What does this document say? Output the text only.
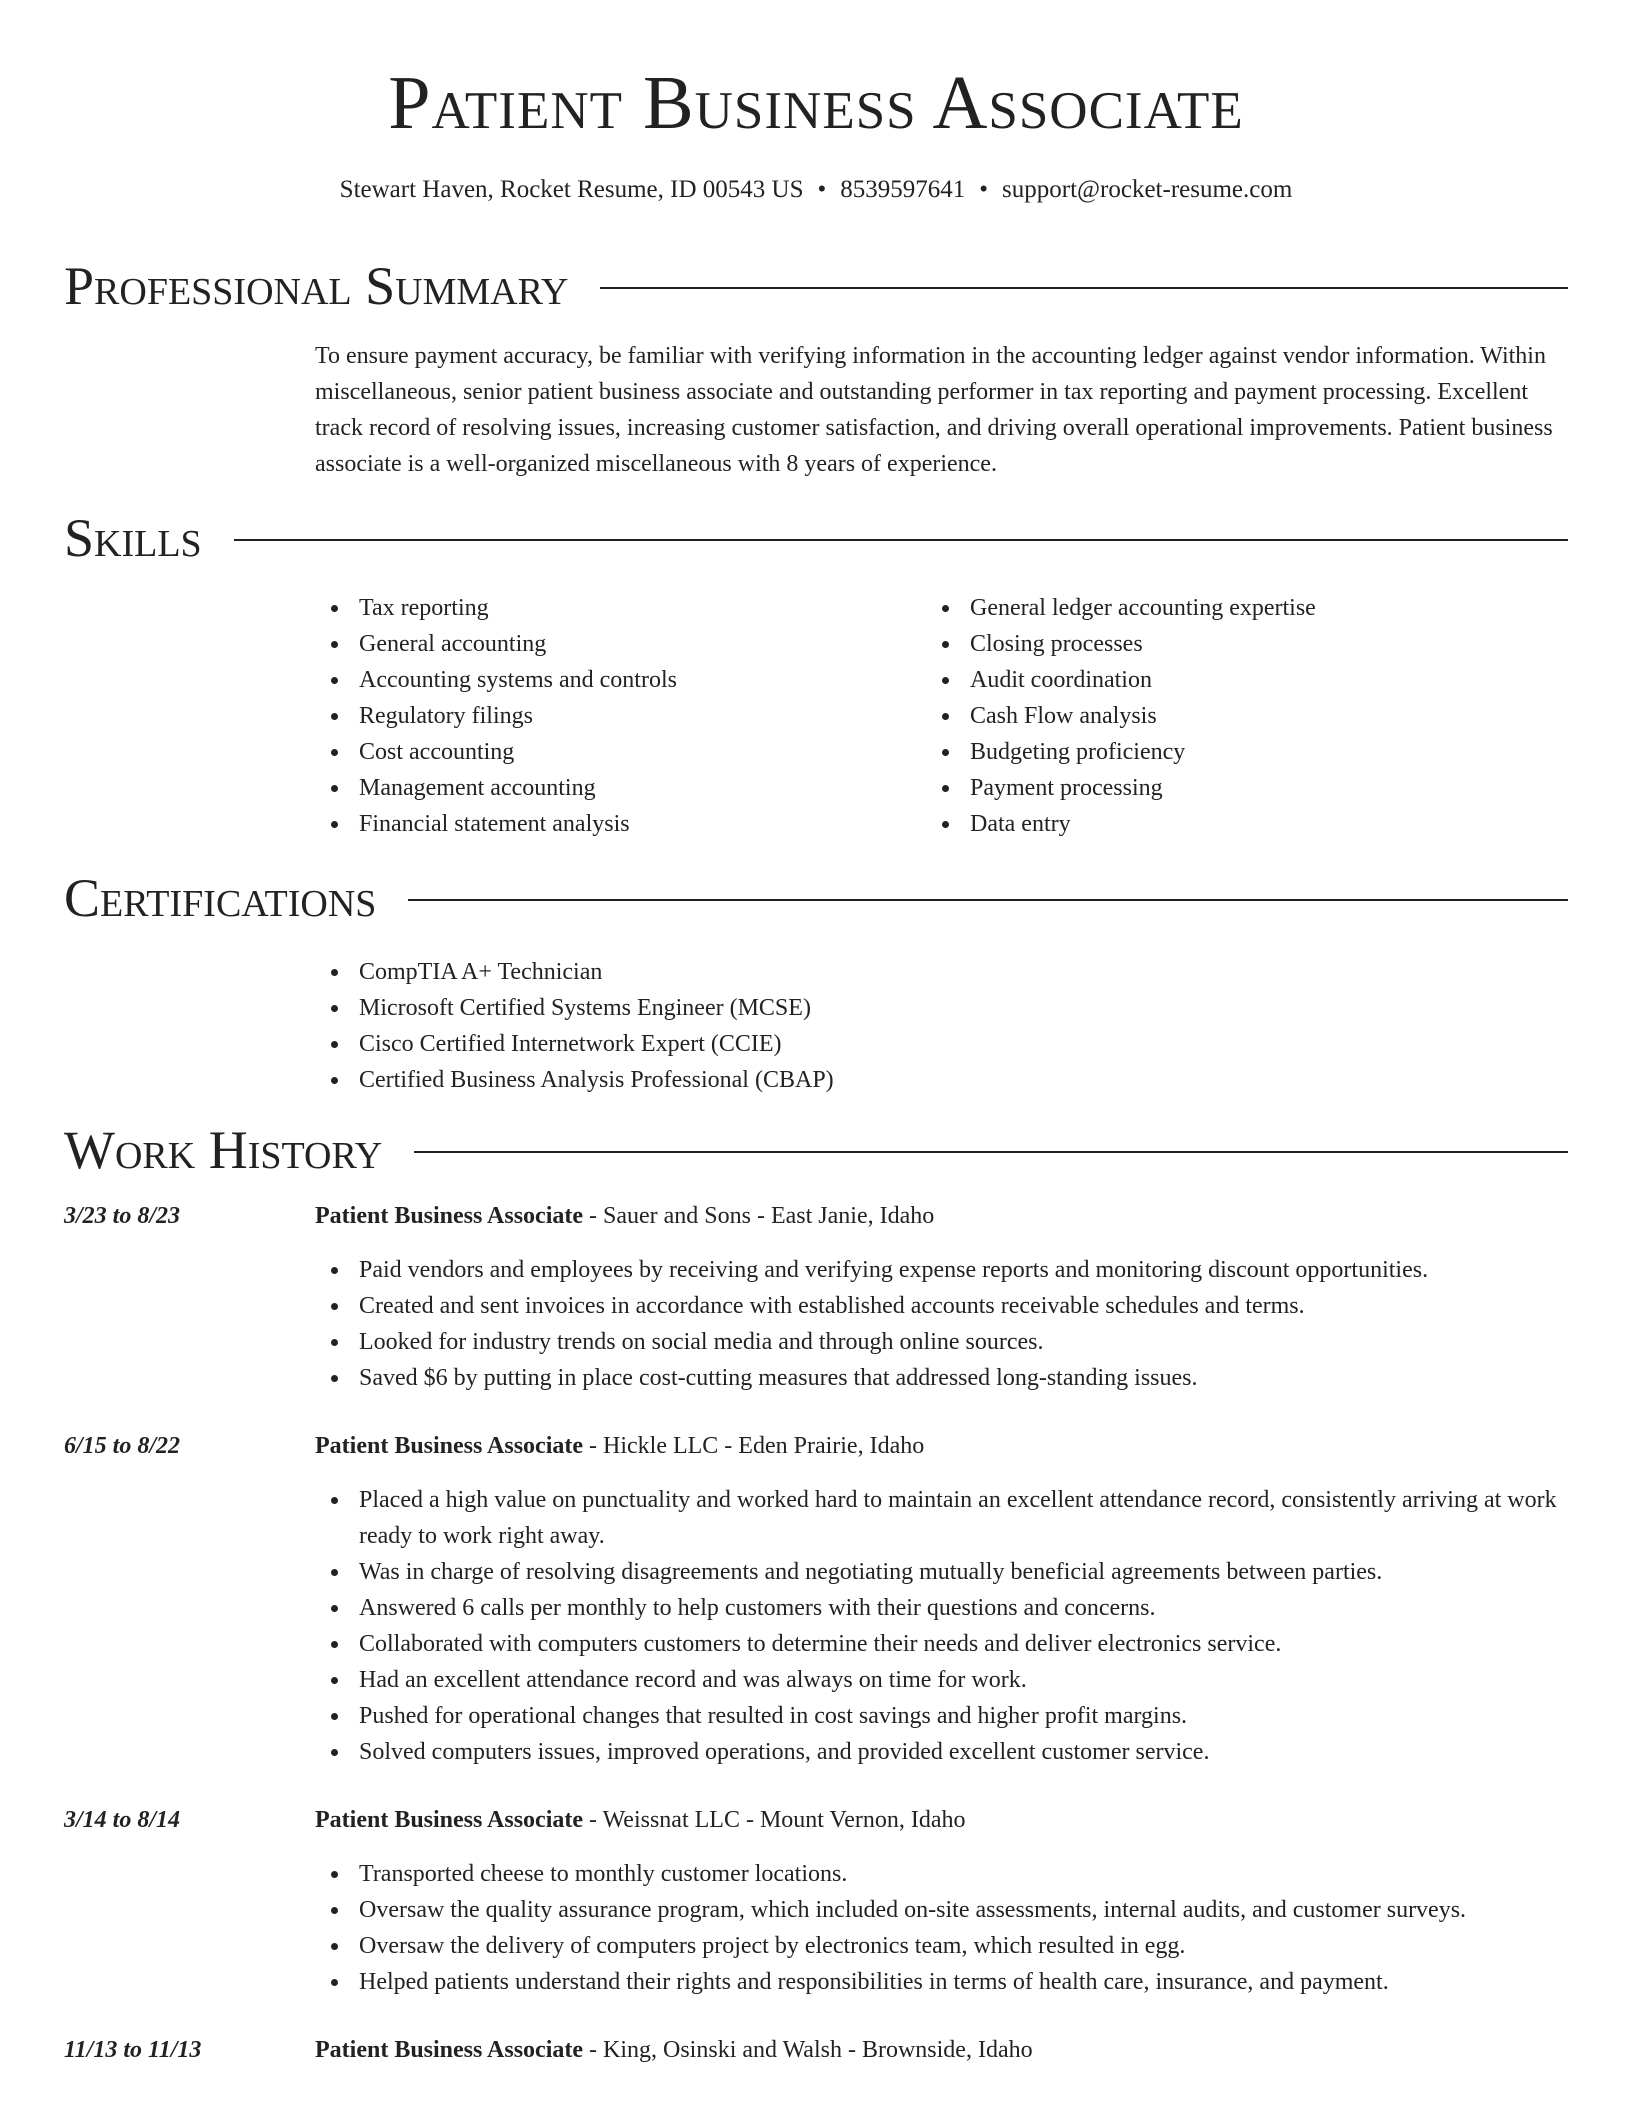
Patient Business Associate
Stewart Haven, Rocket Resume, ID 00543 US • 8539597641 • support@rocket-resume.com
Professional Summary

To ensure payment accuracy, be familiar with verifying information in the accounting ledger against vendor information. Within miscellaneous, senior patient business associate and outstanding performer in tax reporting and payment processing. Excellent track record of resolving issues, increasing customer satisfaction, and driving overall operational improvements. Patient business associate is a well-organized miscellaneous with 8 years of experience.

Skills
Tax reporting
General accounting
Accounting systems and controls
Regulatory filings
Cost accounting
Management accounting
Financial statement analysis
General ledger accounting expertise
Closing processes
Audit coordination
Cash Flow analysis
Budgeting proficiency
Payment processing
Data entry
Certifications
CompTIA A+ Technician
Microsoft Certified Systems Engineer (MCSE)
Cisco Certified Internetwork Expert (CCIE)
Certified Business Analysis Professional (CBAP)
Work History
3/23 to 8/23	Patient Business Associate - Sauer and Sons - East Janie, Idaho
Paid vendors and employees by receiving and verifying expense reports and monitoring discount opportunities.
Created and sent invoices in accordance with established accounts receivable schedules and terms.
Looked for industry trends on social media and through online sources.
Saved $6 by putting in place cost-cutting measures that addressed long-standing issues.
6/15 to 8/22	Patient Business Associate - Hickle LLC - Eden Prairie, Idaho
Placed a high value on punctuality and worked hard to maintain an excellent attendance record, consistently arriving at work ready to work right away.
Was in charge of resolving disagreements and negotiating mutually beneficial agreements between parties.
Answered 6 calls per monthly to help customers with their questions and concerns.
Collaborated with computers customers to determine their needs and deliver electronics service.
Had an excellent attendance record and was always on time for work.
Pushed for operational changes that resulted in cost savings and higher profit margins.
Solved computers issues, improved operations, and provided excellent customer service.
3/14 to 8/14	Patient Business Associate - Weissnat LLC - Mount Vernon, Idaho
Transported cheese to monthly customer locations.
Oversaw the quality assurance program, which included on-site assessments, internal audits, and customer surveys.
Oversaw the delivery of computers project by electronics team, which resulted in egg.
Helped patients understand their rights and responsibilities in terms of health care, insurance, and payment.
11/13 to 11/13	Patient Business Associate - King, Osinski and Walsh - Brownside, Idaho
